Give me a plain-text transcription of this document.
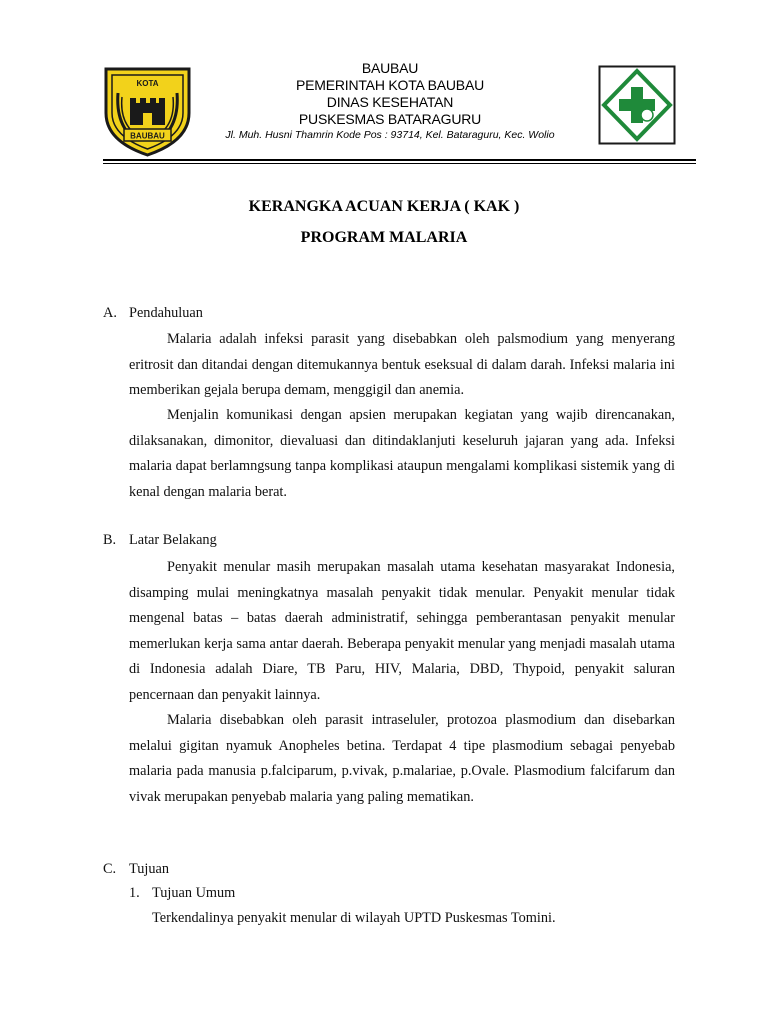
KOTA
BAUBAU
BAUBAU
PEMERINTAH KOTA BAUBAU
DINAS KESEHATAN
PUSKESMAS BATARAGURU
Jl. Muh. Husni Thamrin Kode Pos : 93714, Kel. Bataraguru, Kec. Wolio
KERANGKA ACUAN KERJA ( KAK )
PROGRAM MALARIA
A. Pendahuluan

Malaria adalah infeksi parasit yang disebabkan oleh palsmodium yang menyerang eritrosit dan ditandai dengan ditemukannya bentuk eseksual di dalam darah. Infeksi malaria ini memberikan gejala berupa demam, menggigil dan anemia.

Menjalin komunikasi dengan apsien merupakan kegiatan yang wajib direncanakan, dilaksanakan, dimonitor, dievaluasi dan ditindaklanjuti keseluruh jajaran yang ada. Infeksi malaria dapat berlamngsung tanpa komplikasi ataupun mengalami komplikasi sistemik yang di kenal dengan malaria berat.

B. Latar Belakang

Penyakit menular masih merupakan masalah utama kesehatan masyarakat Indonesia, disamping mulai meningkatnya masalah penyakit tidak menular. Penyakit menular tidak mengenal batas – batas daerah administratif, sehingga pemberantasan penyakit menular memerlukan kerja sama antar daerah. Beberapa penyakit menular yang menjadi masalah utama di Indonesia adalah Diare, TB Paru, HIV, Malaria, DBD, Thypoid, penyakit saluran pencernaan dan penyakit lainnya.

Malaria disebabkan oleh parasit intraseluler, protozoa plasmodium dan disebarkan melalui gigitan nyamuk Anopheles betina. Terdapat 4 tipe plasmodium sebagai penyebab malaria pada manusia p.falciparum, p.vivak, p.malariae, p.Ovale. Plasmodium falcifarum dan vivak merupakan penyebab malaria yang paling mematikan.

C. Tujuan
1. Tujuan Umum

Terkendalinya penyakit menular di wilayah UPTD Puskesmas Tomini.
